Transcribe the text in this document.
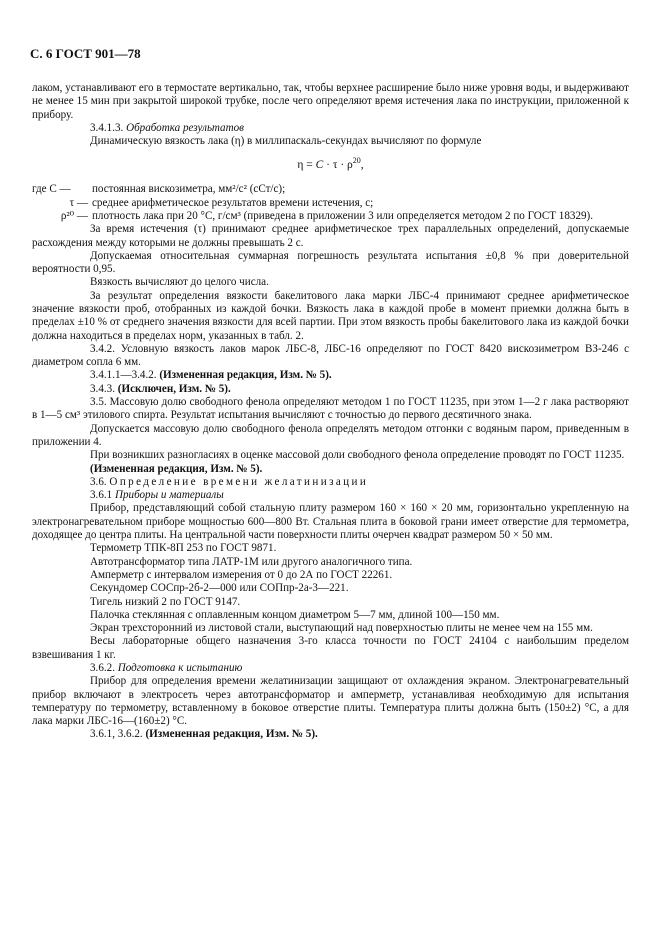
С. 6 ГОСТ 901—78

лаком, устанавливают его в термостате вертикально, так, чтобы верхнее расширение было ниже уровня воды, и выдерживают не менее 15 мин при закрытой широкой трубке, после чего определяют время истечения лака по инструкции, приложенной к прибору.

3.4.1.3. Обработка результатов

Динамическую вязкость лака (η) в миллипаскаль-секундах вычисляют по формуле

$\eta = C \cdot \tau \cdot \rho^{20}$,
где C —	постоянная вискозиметра, мм²/с² (сСт/с);
τ — среднее арифметическое результатов времени истечения, с;
ρ²⁰ — плотность лака при 20 °С, г/см³ (приведена в приложении 3 или определяется методом 2 по ГОСТ 18329).

За время истечения (τ) принимают среднее арифметическое трех параллельных определений, допускаемые расхождения между которыми не должны превышать 2 с.

Допускаемая относительная суммарная погрешность результата испытания ±0,8 % при доверительной вероятности 0,95.

Вязкость вычисляют до целого числа.

За результат определения вязкости бакелитового лака марки ЛБС-4 принимают среднее арифметическое значение вязкости проб, отобранных из каждой бочки. Вязкость лака в каждой пробе в момент приемки должна быть в пределах ±10 % от среднего значения вязкости для всей партии. При этом вязкость пробы бакелитового лака из каждой бочки должна находиться в пределах норм, указанных в табл. 2.

3.4.2. Условную вязкость лаков марок ЛБС-8, ЛБС-16 определяют по ГОСТ 8420 вискозиметром ВЗ-246 с диаметром сопла 6 мм.

3.4.1.1—3.4.2. (Измененная редакция, Изм. № 5).

3.4.3. (Исключен, Изм. № 5).

3.5. Массовую долю свободного фенола определяют методом 1 по ГОСТ 11235, при этом 1—2 г лака растворяют в 1—5 см³ этилового спирта. Результат испытания вычисляют с точностью до первого десятичного знака.

Допускается массовую долю свободного фенола определять методом отгонки с водяным паром, приведенным в приложении 4.

При возникших разногласиях в оценке массовой доли свободного фенола определение проводят по ГОСТ 11235.

(Измененная редакция, Изм. № 5).

3.6. Определение времени желатинизации

3.6.1 Приборы и материалы

Прибор, представляющий собой стальную плиту размером 160 × 160 × 20 мм, горизонтально укрепленную на электронагревательном приборе мощностью 600—800 Вт. Стальная плита в боковой грани имеет отверстие для термометра, доходящее до центра плиты. На центральной части поверхности плиты очерчен квадрат размером 50 × 50 мм.

Термометр ТПК-8П 253 по ГОСТ 9871.

Автотрансформатор типа ЛАТР-1М или другого аналогичного типа.

Амперметр с интервалом измерения от 0 до 2А по ГОСТ 22261.

Секундомер СОСпр-2б-2—000 или СОПпр-2а-3—221.

Тигель низкий 2 по ГОСТ 9147.

Палочка стеклянная с оплавленным концом диаметром 5—7 мм, длиной 100—150 мм.

Экран трехсторонний из листовой стали, выступающий над поверхностью плиты не менее чем на 155 мм.

Весы лабораторные общего назначения 3-го класса точности по ГОСТ 24104 с наибольшим пределом взвешивания 1 кг.

3.6.2. Подготовка к испытанию

Прибор для определения времени желатинизации защищают от охлаждения экраном. Электронагревательный прибор включают в электросеть через автотрансформатор и амперметр, устанавливая необходимую для испытания температуру по термометру, вставленному в боковое отверстие плиты. Температура плиты должна быть (150±2) °С, а для лака марки ЛБС-16—(160±2) °С.

3.6.1, 3.6.2. (Измененная редакция, Изм. № 5).
